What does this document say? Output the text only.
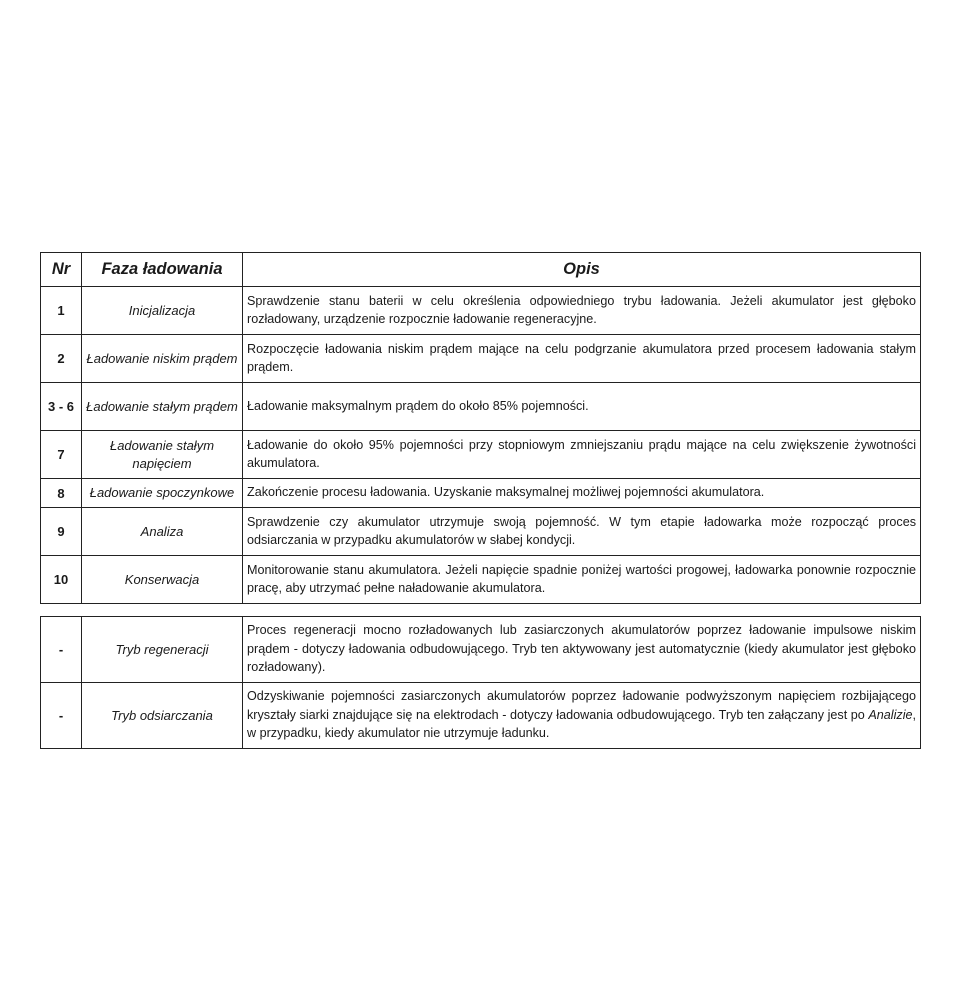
Nr	Faza ładowania	Opis
1	Inicjalizacja	Sprawdzenie stanu baterii w celu określenia odpowiedniego trybu ładowania. Jeżeli akumulator jest głęboko rozładowany, urządzenie rozpocznie ładowanie regeneracyjne.
2	Ładowanie niskim prądem	Rozpoczęcie ładowania niskim prądem mające na celu podgrzanie akumulatora przed procesem ładowania stałym prądem.
3 - 6	Ładowanie stałym prądem	Ładowanie maksymalnym prądem do około 85% pojemności.
7	Ładowanie stałym napięciem	Ładowanie do około 95% pojemności przy stopniowym zmniejszaniu prądu mające na celu zwiększenie żywotności akumulatora.
8	Ładowanie spoczynkowe	Zakończenie procesu ładowania. Uzyskanie maksymalnej możliwej pojemności akumulatora.
9	Analiza	Sprawdzenie czy akumulator utrzymuje swoją pojemność. W tym etapie ładowarka może rozpocząć proces odsiarczania w przypadku akumulatorów w słabej kondycji.
10	Konserwacja	Monitorowanie stanu akumulatora. Jeżeli napięcie spadnie poniżej wartości progowej, ładowarka ponownie rozpocznie pracę, aby utrzymać pełne naładowanie akumulatora.
-	Tryb regeneracji	Proces regeneracji mocno rozładowanych lub zasiarczonych akumulatorów poprzez ładowanie impulsowe niskim prądem - dotyczy ładowania odbudowującego. Tryb ten aktywowany jest automatycznie (kiedy akumulator jest głęboko rozładowany).
-	Tryb odsiarczania	Odzyskiwanie pojemności zasiarczonych akumulatorów poprzez ładowanie podwyższonym napięciem rozbijającego kryształy siarki znajdujące się na elektrodach - dotyczy ładowania odbudowującego. Tryb ten załączany jest po Analizie, w przypadku, kiedy akumulator nie utrzymuje ładunku.
